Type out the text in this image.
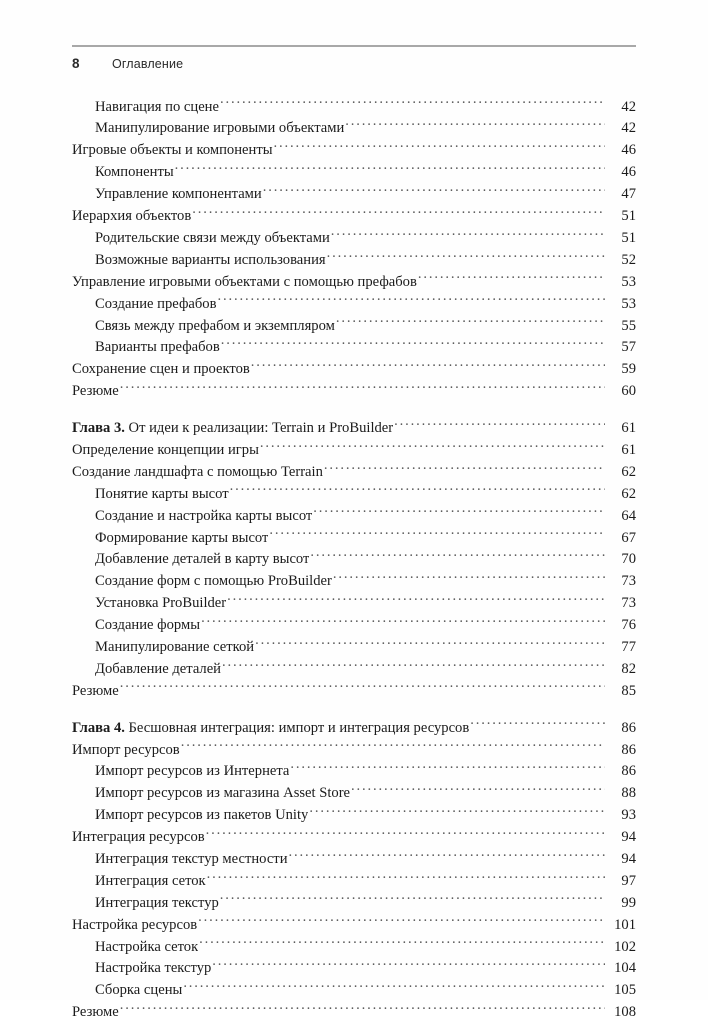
8	Оглавление
Навигация по сцене . . .	42
Манипулирование игровыми объектами . . .	42
Игровые объекты и компоненты . . .	46
Компоненты . . .	46
Управление компонентами . . .	47
Иерархия объектов . . .	51
Родительские связи между объектами . . .	51
Возможные варианты использования . . .	52
Управление игровыми объектами с помощью префабов . . .	53
Создание префабов . . .	53
Связь между префабом и экземпляром . . .	55
Варианты префабов . . .	57
Сохранение сцен и проектов . . .	59
Резюме . . .	60
Глава 3. От идеи к реализации: Terrain и ProBuilder . . .	61
Определение концепции игры . . .	61
Создание ландшафта с помощью Terrain . . .	62
Понятие карты высот . . .	62
Создание и настройка карты высот . . .	64
Формирование карты высот . . .	67
Добавление деталей в карту высот . . .	70
Создание форм с помощью ProBuilder . . .	73
Установка ProBuilder . . .	73
Создание формы . . .	76
Манипулирование сеткой . . .	77
Добавление деталей . . .	82
Резюме . . .	85
Глава 4. Бесшовная интеграция: импорт и интеграция ресурсов . . .	86
Импорт ресурсов . . .	86
Импорт ресурсов из Интернета . . .	86
Импорт ресурсов из магазина Asset Store . . .	88
Импорт ресурсов из пакетов Unity . . .	93
Интеграция ресурсов . . .	94
Интеграция текстур местности . . .	94
Интеграция сеток . . .	97
Интеграция текстур . . .	99
Настройка ресурсов . . .	101
Настройка сеток . . .	102
Настройка текстур . . .	104
Сборка сцены . . .	105
Резюме . . .	108
